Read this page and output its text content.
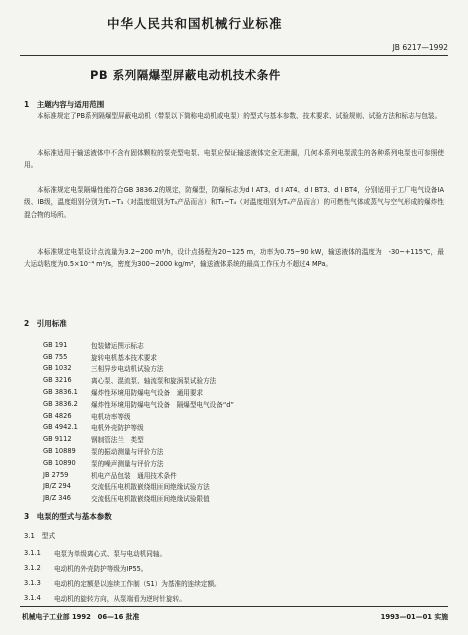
中华人民共和国机械行业标准
JB 6217—1992
PB 系列隔爆型屏蔽电动机技术条件
1　主题内容与适用范围
本标准规定了PB系列隔爆型屏蔽电动机（带泵以下简称电动机或电泵）的型式与基本参数、技术要求、试验规则、试验方法和标志与包装。
本标准适用于输送液体中不含有固体颗粒的泵壳型电泵、电泵应保证输送液体完全无泄漏，几何本系列电泵派生的各种系列电泵也可参照使用。
本标准规定电泵隔爆性能符合GB 3836.2的规定，防爆型，防爆标志为d I AT3、d I AT4、d I BT3、d I BT4，分别适用于工厂电气设备ⅠA级、ⅠB级，温度组别分别为T₁~T₃（对温度组别为T₃产品而言）和T₁~T₄（对温度组别为T₄产品而言）的可燃性气体或蒸气与空气形成的爆炸性混合物的场所。
本标准规定电泵设计点流量为3.2~200 m³/h，设计点扬程为20~125 m，功率为0.75~90 kW，输送液体的温度为　-30~+115℃，最大运动粘度为0.5×10⁻⁴ m²/s，密度为300~2000 kg/m³，输送液体系统的最高工作压力不超过4 MPa。
2　引用标准
GB 191	包装储运图示标志
GB 755	旋转电机基本技术要求
GB 1032	三相异步电动机试验方法
GB 3216	离心泵、混流泵、轴流泵和旋涡泵试验方法
GB 3836.1	爆炸性环境用防爆电气设备　通用要求
GB 3836.2	爆炸性环境用防爆电气设备　隔爆型电气设备“d”
GB 4826	电机功率等级
GB 4942.1	电机外壳防护等级
GB 9112	钢制管法兰　类型
GB 10889	泵的振动测量与评价方法
GB 10890	泵的噪声测量与评价方法
JB 2759	机电产品包装　通用技术条件
JB/Z 294	交流低压电机散嵌绕组匝间绝缘试验方法
JB/Z 346	交流低压电机散嵌绕组匝间绝缘试验限值
3　电泵的型式与基本参数
3.1　型式
3.1.1	电泵为单级离心式、泵与电动机同轴。
3.1.2	电动机的外壳防护等级为IP55。
3.1.3	电动机的定额是以连续工作制（S1）为基准的连续定额。
3.1.4	电动机的旋转方向，从泵端看为逆时针旋转。
机械电子工业部 1992　06—16 批准	1993—01—01 实施
